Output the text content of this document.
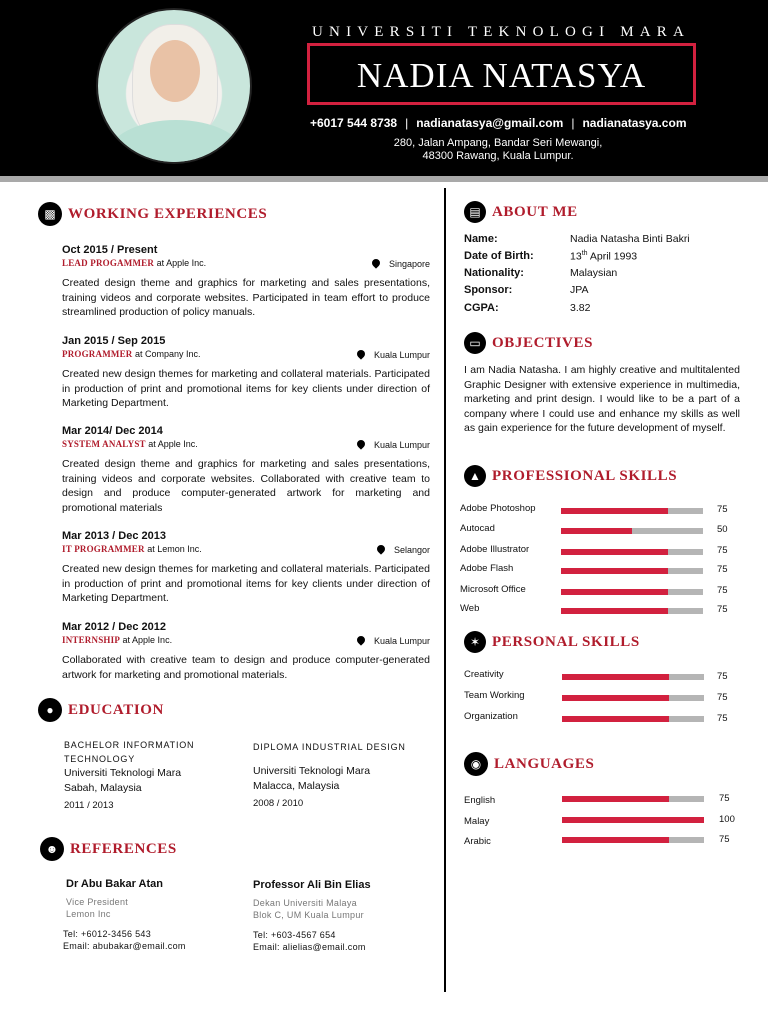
UNIVERSITI TEKNOLOGI MARA
NADIA NATASYA
+6017 544 8738 | nadianatasya@gmail.com | nadianatasya.com
280, Jalan Ampang, Bandar Seri Mewangi,
48300 Rawang, Kuala Lumpur.
▩ WORKING EXPERIENCES
Oct 2015 / Present
LEAD PROGAMMER at Apple Inc.	Singapore
Created design theme and graphics for marketing and sales presentations, training videos and corporate websites. Participated in team effort to produce streamlined production of policy manuals.
Jan 2015 / Sep 2015
PROGRAMMER at Company Inc.	Kuala Lumpur
Created new design themes for marketing and collateral materials. Participated in production of print and promotional items for key clients under direction of Marketing Department.
Mar 2014/ Dec 2014
SYSTEM ANALYST at Apple Inc.	Kuala Lumpur
Created design theme and graphics for marketing and sales presentations, training videos and corporate websites. Collaborated with creative team to design and produce computer-generated artwork for marketing and promotional materials
Mar 2013 / Dec 2013
IT PROGRAMMER at Lemon Inc.	Selangor
Created new design themes for marketing and collateral materials. Participated in production of print and promotional items for key clients under direction of Marketing Department.
Mar 2012 / Dec 2012
INTERNSHIP at Apple Inc.	Kuala Lumpur
Collaborated with creative team to design and produce computer-generated artwork for marketing and promotional materials.
● EDUCATION
BACHELOR INFORMATION
TECHNOLOGY
Universiti Teknologi Mara
Sabah, Malaysia
2011 / 2013
DIPLOMA INDUSTRIAL DESIGN
Universiti Teknologi Mara
Malacca, Malaysia
2008 / 2010
☻ REFERENCES
Dr Abu Bakar Atan
Vice President
Lemon Inc
Tel: +6012-3456 543
Email: abubakar@email.com
Professor Ali Bin Elias
Dekan Universiti Malaya
Blok C, UM Kuala Lumpur
Tel: +603-4567 654
Email: alielias@email.com
▤ ABOUT ME
Name:	Nadia Natasha Binti Bakri
Date of Birth:	13th April 1993
Nationality:	Malaysian
Sponsor:	JPA
CGPA:	3.82
▭ OBJECTIVES
I am Nadia Natasha. I am highly creative and multitalented Graphic Designer with extensive experience in multimedia, marketing and print design. I would like to be a part of a company where I could use and enhance my skills as well as gain experience for the future development of myself.
▲ PROFESSIONAL SKILLS
Adobe Photoshop	75
Autocad	50
Adobe Illustrator	75
Adobe Flash	75
Microsoft Office	75
Web	75
✶ PERSONAL SKILLS
Creativity	75
Team Working	75
Organization	75
◉ LANGUAGES
English	75
Malay	100
Arabic	75
